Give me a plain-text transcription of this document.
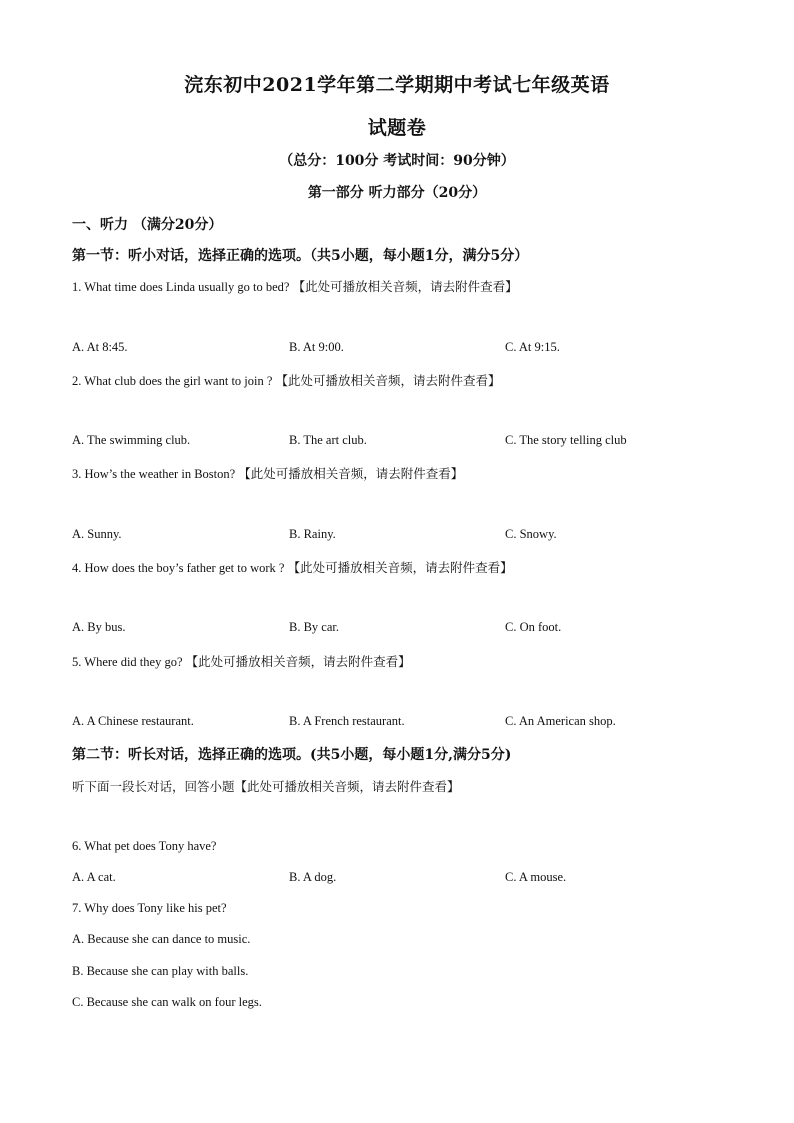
浣东初中2021学年第二学期期中考试七年级英语
试题卷
（总分：100分 考试时间：90分钟）
第一部分 听力部分（20分）
一、听力 （满分20分）
第一节：听小对话，选择正确的选项。（共5小题，每小题1分，满分5分）
1. What time does Linda usually go to bed? 【此处可播放相关音频，请去附件查看】
A. At 8:45.	B. At 9:00.	C. At 9:15.
2. What club does the girl want to join ? 【此处可播放相关音频，请去附件查看】
A. The swimming club.	B. The art club.	C. The story telling club
3. How’s the weather in Boston? 【此处可播放相关音频，请去附件查看】
A. Sunny.	B. Rainy.	C. Snowy.
4. How does the boy’s father get to work ? 【此处可播放相关音频，请去附件查看】
A. By bus.	B. By car.	C. On foot.
5. Where did they go? 【此处可播放相关音频，请去附件查看】
A. A Chinese restaurant.	B. A French restaurant.	C. An American shop.
第二节：听长对话，选择正确的选项。(共5小题，每小题1分,满分5分)
听下面一段长对话，回答小题【此处可播放相关音频，请去附件查看】
6. What pet does Tony have?
A. A cat.	B. A dog.	C. A mouse.
7. Why does Tony like his pet?
A. Because she can dance to music.
B. Because she can play with balls.
C. Because she can walk on four legs.
